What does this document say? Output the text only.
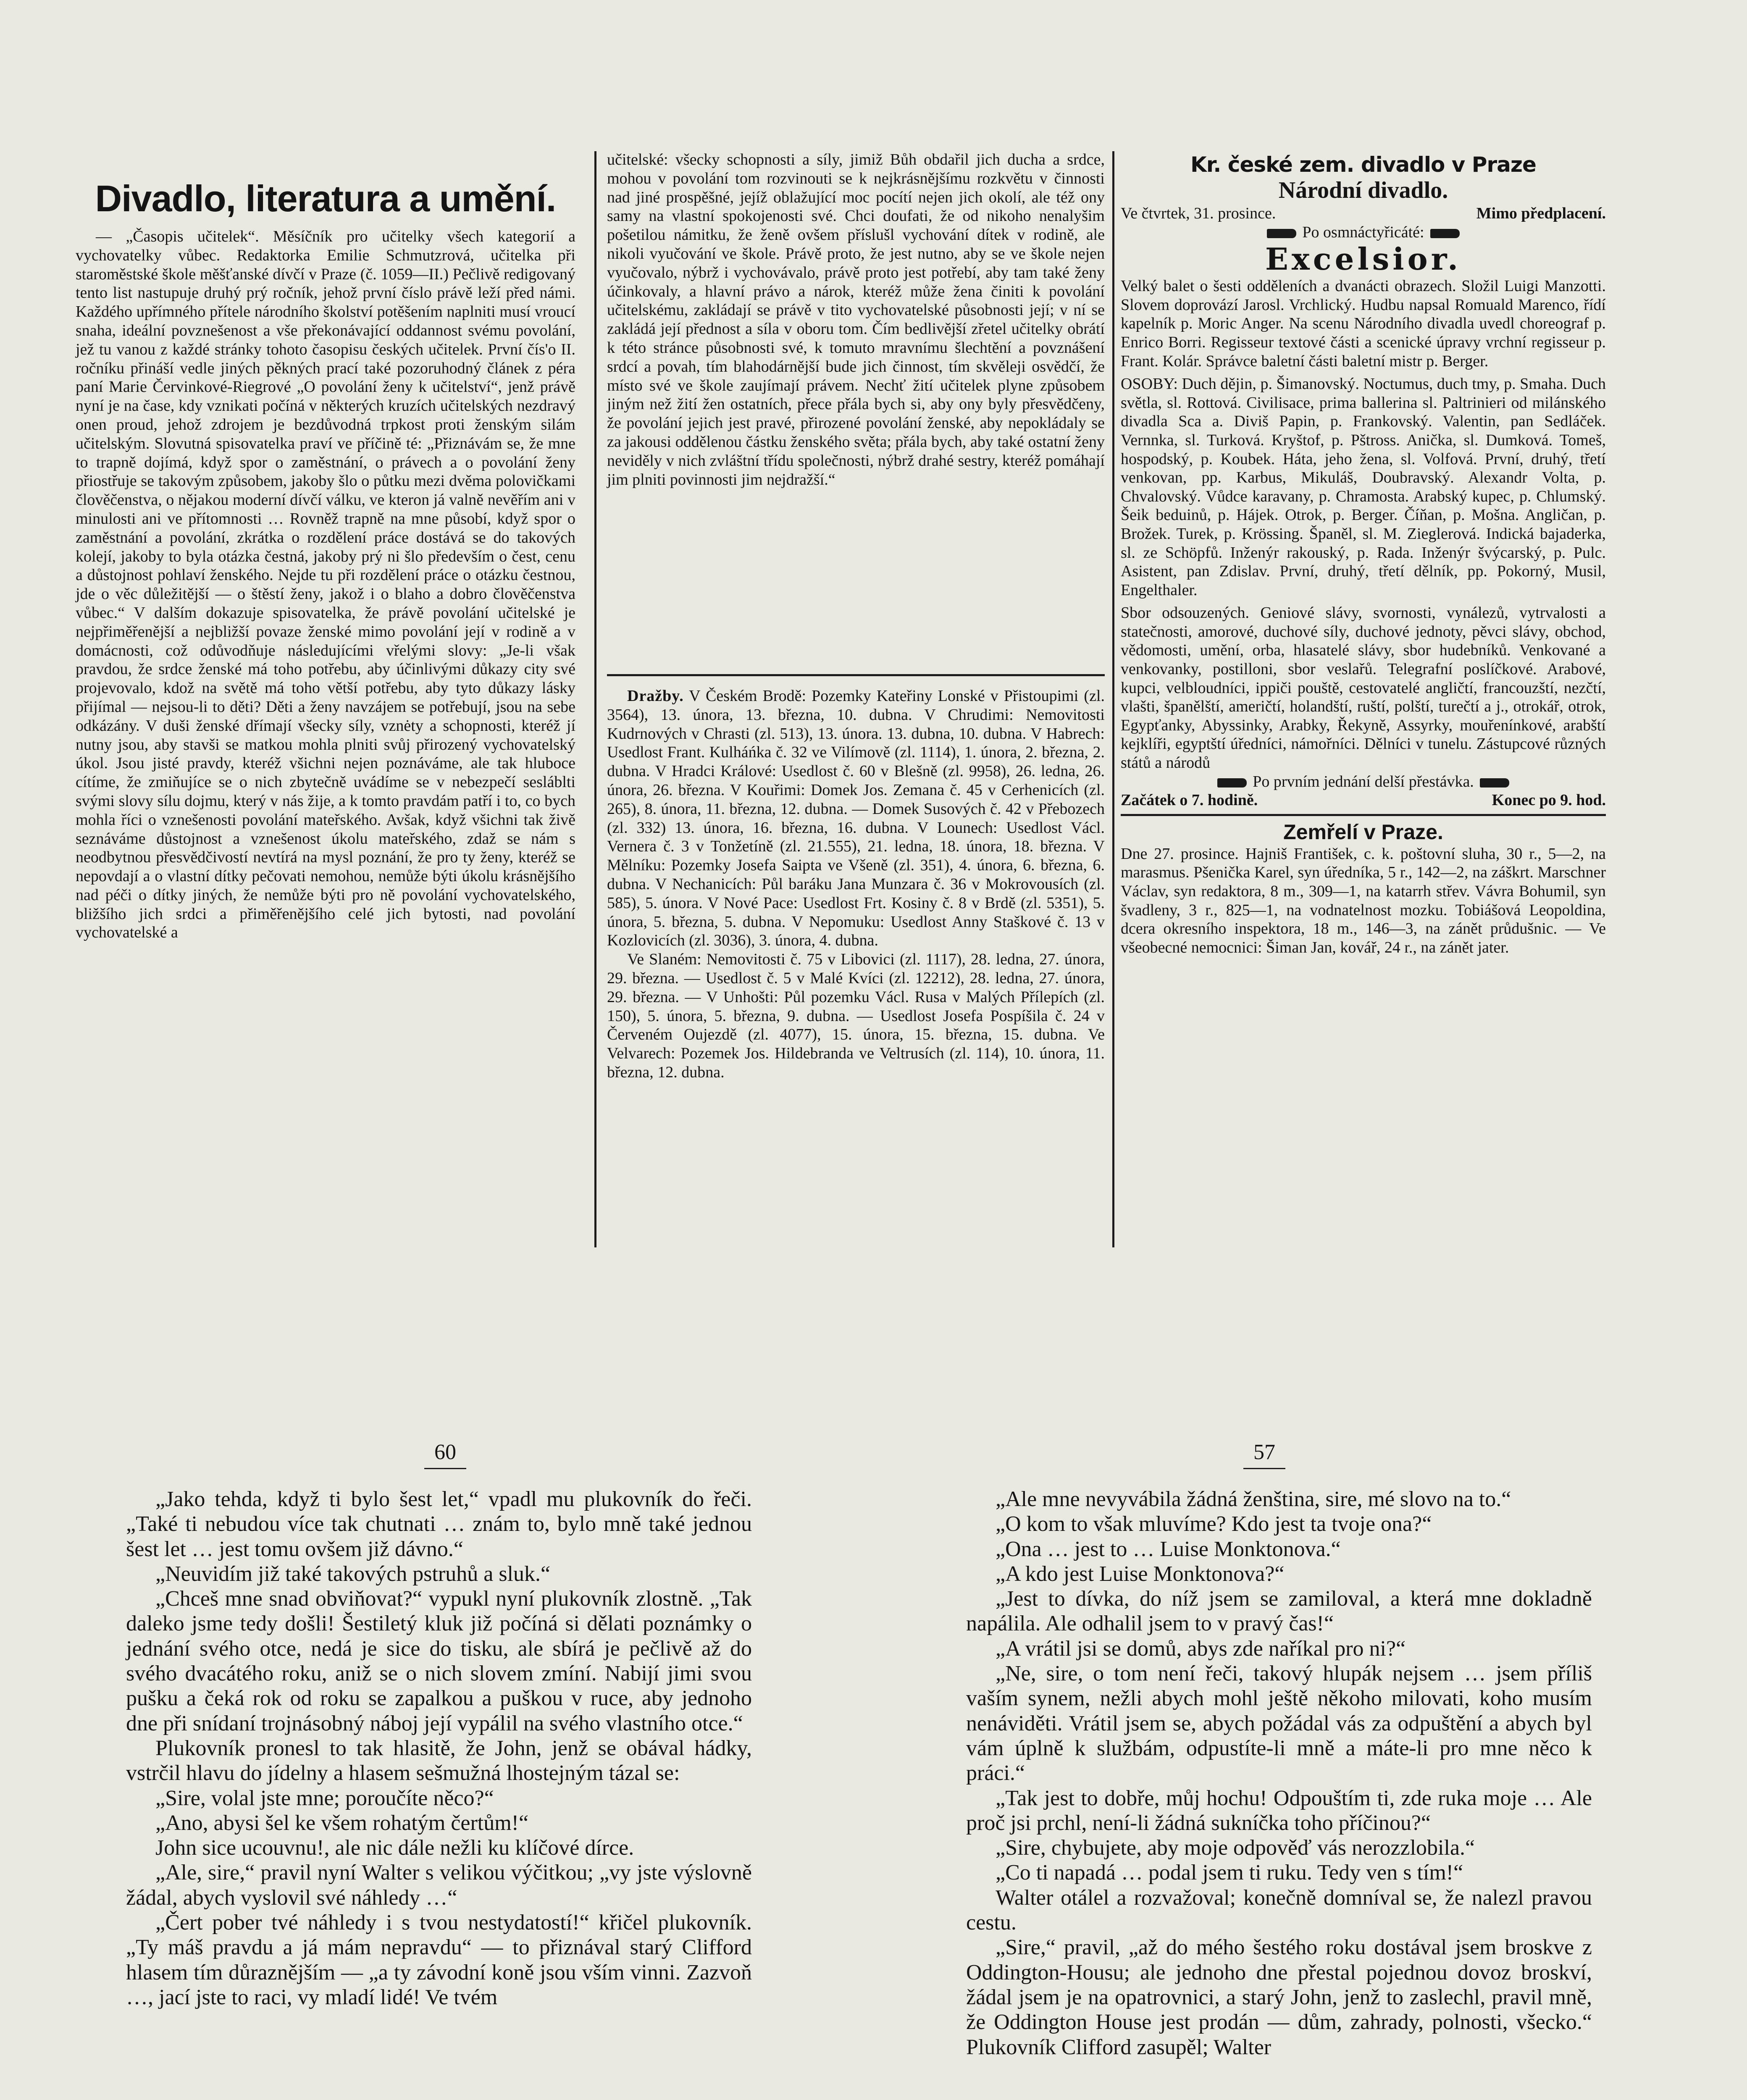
Divadlo, literatura a umění.

— „Časopis učitelek“. Měsíčník pro učitelky všech kategorií a vychovatelky vůbec. Redaktorka Emilie Schmutzrová, učitelka při staroměstské škole měšťanské dívčí v Praze (č. 1059—II.) Pečlivě redigovaný tento list nastupuje druhý prý ročník, jehož první číslo právě leží před námi. Každého upřímného přítele národního školství potěšením naplniti musí vroucí snaha, ideální povznešenost a vše překonávající oddannost svému povolání, jež tu vanou z každé stránky tohoto časopisu českých učitelek. První čís'o II. ročníku přináší vedle jiných pěkných prací také pozoruhodný článek z péra paní Marie Červinkové-Riegrové „O povolání ženy k učitelství“, jenž právě nyní je na čase, kdy vznikati počíná v některých kruzích učitelských nezdravý onen proud, jehož zdrojem je bezdůvodná trpkost proti ženským silám učitelským. Slovutná spisovatelka praví ve příčině té: „Přiznávám se, že mne to trapně dojímá, když spor o zaměstnání, o právech a o povolání ženy přiostřuje se takovým způsobem, jakoby šlo o půtku mezi dvěma polovičkami člověčenstva, o nějakou moderní dívčí válku, ve kteron já valně nevěřím ani v minulosti ani ve přítomnosti … Rovněž trapně na mne působí, když spor o zaměstnání a povolání, zkrátka o rozdělení práce dostává se do takových kolejí, jakoby to byla otázka čestná, jakoby prý ni šlo především o čest, cenu a důstojnost pohlaví ženského. Nejde tu při rozdělení práce o otázku čestnou, jde o věc důležitější — o štěstí ženy, jakož i o blaho a dobro člověčenstva vůbec.“ V dalším dokazuje spisovatelka, že právě povolání učitelské je nejpřiměřenější a nejbližší povaze ženské mimo povolání její v rodině a v domácnosti, což odůvodňuje následujícími vřelými slovy: „Je-li však pravdou, že srdce ženské má toho potřebu, aby účinlivými důkazy city své projevovalo, kdož na světě má toho větší potřebu, aby tyto důkazy lásky přijímal — nejsou-li to děti? Děti a ženy navzájem se potřebují, jsou na sebe odkázány. V duši ženské dřímají všecky síly, vznėty a schopnosti, kteréž jí nutny jsou, aby stavši se matkou mohla plniti svůj přirozený vychovatelský úkol. Jsou jisté pravdy, kteréž všichni nejen poznáváme, ale tak hluboce cítíme, že zmiňujíce se o nich zbytečně uvádíme se v nebezpečí sesláblti svými slovy sílu dojmu, který v nás žije, a k tomto pravdám patří i to, co bych mohla říci o vznešenosti povolání mateřského. Avšak, když všichni tak živě seznáváme důstojnost a vznešenost úkolu mateřského, zdaž se nám s neodbytnou přesvědčivostí nevtírá na mysl poznání, že pro ty ženy, kteréž se nepovdají a o vlastní dítky pečovati nemohou, nemůže býti úkolu krásnějšího nad péči o dítky jiných, že nemůže býti pro ně povolání vychovatelského, bližšího jich srdci a přiměřenějšího celé jich bytosti, nad povolání vychovatelské a

učitelské: všecky schopnosti a síly, jimiž Bůh obdařil jich ducha a srdce, mohou v povolání tom rozvinouti se k nejkrásnějšímu rozkvětu v činnosti nad jiné prospěšné, jejíž oblažující moc pocítí nejen jich okolí, ale též ony samy na vlastní spokojenosti své. Chci doufati, že od nikoho nenalyšim pošetilou námitku, že ženě ovšem příslušl vychování dítek v rodině, ale nikoli vyučování ve škole. Právě proto, že jest nutno, aby se ve škole nejen vyučovalo, nýbrž i vychovávalo, právě proto jest potřebí, aby tam také ženy účinkovaly, a hlavní právo a nárok, kteréž může žena činiti k povolání učitelskému, zakládají se právě v tito vychovatelské působnosti její; v ní se zakládá její přednost a síla v oboru tom. Čím bedlivější zřetel učitelky obrátí k této stránce působnosti své, k tomuto mravnímu šlechtění a povznášení srdcí a povah, tím blahodárnější bude jich činnost, tím skvěleji osvědčí, že místo své ve škole zaujímají právem. Nechť žití učitelek plyne způsobem jiným než žití žen ostatních, přece přála bych si, aby ony byly přesvědčeny, že povolání jejich jest pravé, přirozené povolání ženské, aby nepokládaly se za jakousi oddělenou částku ženského světa; přála bych, aby také ostatní ženy neviděly v nich zvláštní třídu společnosti, nýbrž drahé sestry, kteréž pomáhají jim plniti povinnosti jim nejdražší.“

Dražby. V Českém Brodě: Pozemky Kateřiny Lonské v Přistoupimi (zl. 3564), 13. února, 13. března, 10. dubna. V Chrudimi: Nemovitosti Kudrnových v Chrasti (zl. 513), 13. února. 13. dubna, 10. dubna. V Habrech: Usedlost Frant. Kulháńka č. 32 ve Vilímově (zl. 1114), 1. února, 2. března, 2. dubna. V Hradci Králové: Usedlost č. 60 v Blešně (zl. 9958), 26. ledna, 26. února, 26. března. V Kouřimi: Domek Jos. Zemana č. 45 v Cerhenicích (zl. 265), 8. února, 11. března, 12. dubna. — Domek Susových č. 42 v Přebozech (zl. 332) 13. února, 16. března, 16. dubna. V Lounech: Usedlost Václ. Vernera č. 3 v Tonžetíně (zl. 21.555), 21. ledna, 18. února, 18. března. V Mělníku: Pozemky Josefa Saipta ve Všeně (zl. 351), 4. února, 6. března, 6. dubna. V Nechanicích: Půl baráku Jana Munzara č. 36 v Mokrovousích (zl. 585), 5. února. V Nové Pace: Usedlost Frt. Kosiny č. 8 v Brdě (zl. 5351), 5. února, 5. března, 5. dubna. V Nepomuku: Usedlost Anny Staškové č. 13 v Kozlovicích (zl. 3036), 3. února, 4. dubna.

Ve Slaném: Nemovitosti č. 75 v Libovici (zl. 1117), 28. ledna, 27. února, 29. března. — Usedlost č. 5 v Malé Kvíci (zl. 12212), 28. ledna, 27. února, 29. března. — V Unhošti: Půl pozemku Václ. Rusa v Malých Přílepích (zl. 150), 5. února, 5. března, 9. dubna. — Usedlost Josefa Pospíšila č. 24 v Červeném Oujezdě (zl. 4077), 15. února, 15. března, 15. dubna. Ve Velvarech: Pozemek Jos. Hildebranda ve Veltrusích (zl. 114), 10. února, 11. března, 12. dubna.

Kr. české zem. divadlo v Praze
Národní divadlo.
Ve čtvrtek, 31. prosince.	Mimo předplacení.
Po osmnáctyřicáté:
Excelsior.
Velký balet o šesti odděleních a dvanácti obrazech. Složil Luigi Manzotti. Slovem doprovází Jarosl. Vrchlický. Hudbu napsal Romuald Marenco, řídí kapelník p. Moric Anger. Na scenu Národního divadla uvedl choreograf p. Enrico Borri. Regisseur textové části a scenické úpravy vrchní regisseur p. Frant. Kolár. Správce baletní části baletní mistr p. Berger.
OSOBY: Duch dějin, p. Šimanovský. Noctumus, duch tmy, p. Smaha. Duch světla, sl. Rottová. Civilisace, prima ballerina sl. Paltrinieri od milánského divadla Sca a. Diviš Papin, p. Frankovský. Valentin, pan Sedláček. Vernnka, sl. Turková. Kryštof, p. Pštross. Anička, sl. Dumková. Tomeš, hospodský, p. Koubek. Háta, jeho žena, sl. Volfová. První, druhý, třetí venkovan, pp. Karbus, Mikuláš, Doubravský. Alexandr Volta, p. Chvalovský. Vůdce karavany, p. Chramosta. Arabský kupec, p. Chlumský. Šeik beduinů, p. Hájek. Otrok, p. Berger. Číňan, p. Mošna. Angličan, p. Brožek. Turek, p. Krössing. Španěl, sl. M. Zieglerová. Indická bajaderka, sl. ze Schöpfů. Inženýr rakouský, p. Rada. Inženýr švýcarský, p. Pulc. Asistent, pan Zdislav. První, druhý, třetí dělník, pp. Pokorný, Musil, Engelthaler.
Sbor odsouzených. Geniové slávy, svornosti, vynálezů, vytrvalosti a statečnosti, amorové, duchové síly, duchové jednoty, pěvci slávy, obchod, vědomosti, umění, orba, hlasatelé slávy, sbor hudebníků. Venkované a venkovanky, postilloni, sbor veslařů. Telegrafní poslíčkové. Arabové, kupci, velbloudníci, ippiči pouště, cestovatelé angličtí, francouzští, nezčtí, vlašti, španělští, američtí, holandští, ruští, polští, turečtí a j., otrokář, otrok, Egypťanky, Abyssinky, Arabky, Řekyně, Assyrky, mouřenínkové, arabští kejklíři, egyptští úředníci, námořníci. Dělníci v tunelu. Zástupcové různých států a národů
Po prvním jednání delší přestávka.
Začátek o 7. hodině.	Konec po 9. hod.
Zemřelí v Praze.
Dne 27. prosince. Hajniš František, c. k. poštovní sluha, 30 r., 5—2, na marasmus. Pšenička Karel, syn úředníka, 5 r., 142—2, na záškrt. Marschner Václav, syn redaktora, 8 m., 309—1, na katarrh střev. Vávra Bohumil, syn švadleny, 3 r., 825—1, na vodnatelnost mozku. Tobiášová Leopoldina, dcera okresního inspektora, 18 m., 146—3, na zánět průdušnic. — Ve všeobecné nemocnici: Šiman Jan, kovář, 24 r., na zánět jater.
60

„Jako tehda, když ti bylo šest let,“ vpadl mu plukovník do řeči. „Také ti nebudou více tak chutnati … znám to, bylo mně také jednou šest let … jest tomu ovšem již dávno.“

„Neuvidím již také takových pstruhů a sluk.“

„Chceš mne snad obviňovat?“ vypukl nyní plukovník zlostně. „Tak daleko jsme tedy došli! Šestiletý kluk již počíná si dělati poznámky o jednání svého otce, nedá je sice do tisku, ale sbírá je pečlivě až do svého dvacátého roku, aniž se o nich slovem zmíní. Nabijí jimi svou pušku a čeká rok od roku se zapalkou a puškou v ruce, aby jednoho dne při snídaní trojnásobný náboj její vypálil na svého vlastního otce.“

Plukovník pronesl to tak hlasitě, že John, jenž se obával hádky, vstrčil hlavu do jídelny a hlasem sešmužná lhostejným tázal se:

„Sire, volal jste mne; poroučíte něco?“

„Ano, abysi šel ke všem rohatým čertům!“

John sice ucouvnu!, ale nic dále nežli ku klíčové dírce.

„Ale, sire,“ pravil nyní Walter s velikou výčitkou; „vy jste výslovně žádal, abych vyslovil své náhledy …“

„Čert pober tvé náhledy i s tvou nestydatostí!“ křičel plukovník. „Ty máš pravdu a já mám nepravdu“ — to přiznával starý Clifford hlasem tím důraznějším — „a ty závodní koně jsou vším vinni. Zazvoň …, jací jste to raci, vy mladí lidé! Ve tvém

57

„Ale mne nevyvábila žádná ženština, sire, mé slovo na to.“

„O kom to však mluvíme? Kdo jest ta tvoje ona?“

„Ona … jest to … Luise Monktonova.“

„A kdo jest Luise Monktonova?“

„Jest to dívka, do níž jsem se zamiloval, a která mne dokladně napálila. Ale odhalil jsem to v pravý čas!“

„A vrátil jsi se domů, abys zde naříkal pro ni?“

„Ne, sire, o tom není řeči, takový hlupák nejsem … jsem příliš vaším synem, nežli abych mohl ještě někoho milovati, koho musím nenáviděti. Vrátil jsem se, abych požádal vás za odpuštění a abych byl vám úplně k službám, odpustíte-li mně a máte-li pro mne něco k práci.“

„Tak jest to dobře, můj hochu! Odpouštím ti, zde ruka moje … Ale proč jsi prchl, není-li žádná sukníčka toho příčinou?“

„Sire, chybujete, aby moje odpověď vás nerozzlobila.“

„Co ti napadá … podal jsem ti ruku. Tedy ven s tím!“

Walter otálel a rozvažoval; konečně domníval se, že nalezl pravou cestu.

„Sire,“ pravil, „až do mého šestého roku dostával jsem broskve z Oddington-Housu; ale jednoho dne přestal pojednou dovoz broskví, žádal jsem je na opatrovnici, a starý John, jenž to zaslechl, pravil mně, že Oddington House jest prodán — dům, zahrady, polnosti, všecko.“ Plukovník Clifford zasupěl; Walter
